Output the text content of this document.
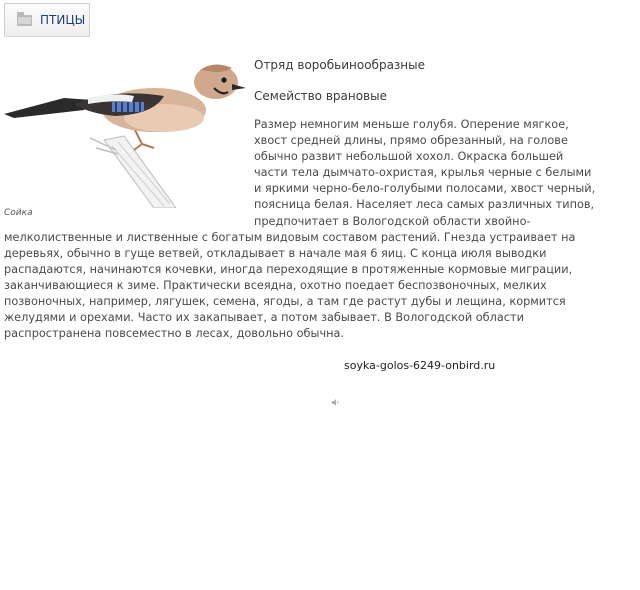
ПТИЦЫ
Сойка

Отряд воробьинообразные

Семейство врановые

Размер немногим меньше голубя. Оперение мягкое, хвост средней длины, прямо обрезанный, на голове обычно развит небольшой хохол. Окраска большей части тела дымчато-охристая, крылья черные с белыми и яркими черно-бело-голубыми полосами, хвост черный, поясница белая. Населяет леса самых различных типов, предпочитает в Вологодской области хвойно-мелколиственные и лиственные с богатым видовым составом растений. Гнезда устраивает на деревьях, обычно в гуще ветвей, откладывает в начале мая 6 яиц. С конца июля выводки распадаются, начинаются кочевки, иногда переходящие в протяженные кормовые миграции, заканчивающиеся к зиме. Практически всеядна, охотно поедает беспозвоночных, мелких позвоночных, например, лягушек, семена, ягоды, а там где растут дубы и лещина, кормится желудями и орехами. Часто их закапывает, а потом забывает. В Вологодской области распространена повсеместно в лесах, довольно обычна.

soyka-golos-6249-onbird.ru
